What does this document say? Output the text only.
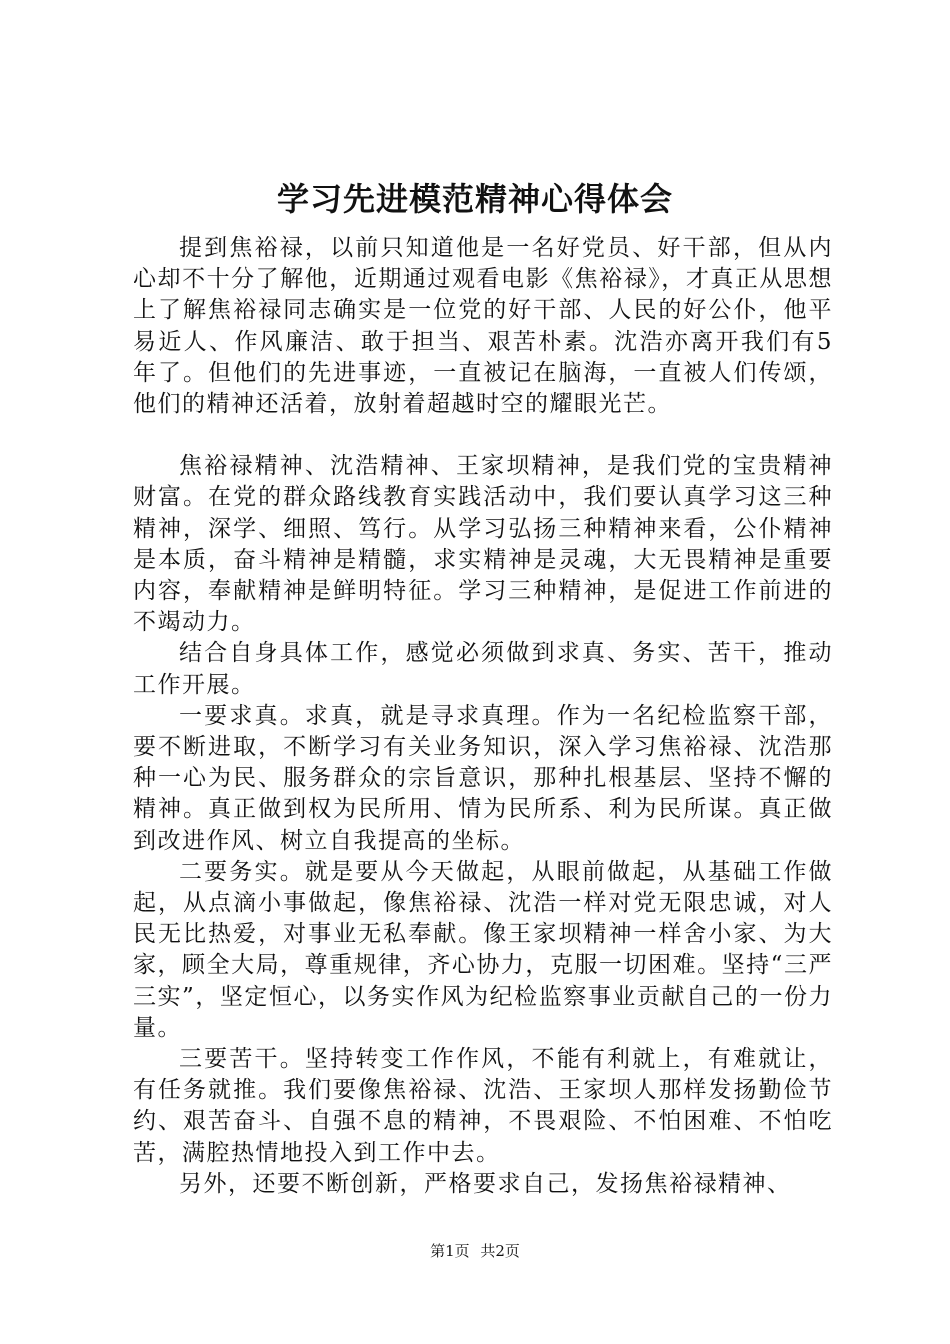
学习先进模范精神心得体会

提到焦裕禄，以前只知道他是一名好党员、好干部，但从内心却不十分了解他，近期通过观看电影《焦裕禄》，才真正从思想上了解焦裕禄同志确实是一位党的好干部、人民的好公仆，他平易近人、作风廉洁、敢于担当、艰苦朴素。沈浩亦离开我们有5年了。但他们的先进事迹，一直被记在脑海，一直被人们传颂，他们的精神还活着，放射着超越时空的耀眼光芒。

焦裕禄精神、沈浩精神、王家坝精神，是我们党的宝贵精神财富。在党的群众路线教育实践活动中，我们要认真学习这三种精神，深学、细照、笃行。从学习弘扬三种精神来看，公仆精神是本质，奋斗精神是精髓，求实精神是灵魂，大无畏精神是重要内容，奉献精神是鲜明特征。学习三种精神，是促进工作前进的不竭动力。

结合自身具体工作，感觉必须做到求真、务实、苦干，推动工作开展。

一要求真。求真，就是寻求真理。作为一名纪检监察干部，要不断进取，不断学习有关业务知识，深入学习焦裕禄、沈浩那种一心为民、服务群众的宗旨意识，那种扎根基层、坚持不懈的精神。真正做到权为民所用、情为民所系、利为民所谋。真正做到改进作风、树立自我提高的坐标。

二要务实。就是要从今天做起，从眼前做起，从基础工作做起，从点滴小事做起，像焦裕禄、沈浩一样对党无限忠诚，对人民无比热爱，对事业无私奉献。像王家坝精神一样舍小家、为大家，顾全大局，尊重规律，齐心协力，克服一切困难。坚持“三严三实”，坚定恒心，以务实作风为纪检监察事业贡献自己的一份力量。

三要苦干。坚持转变工作作风，不能有利就上，有难就让，有任务就推。我们要像焦裕禄、沈浩、王家坝人那样发扬勤俭节约、艰苦奋斗、自强不息的精神，不畏艰险、不怕困难、不怕吃苦，满腔热情地投入到工作中去。

另外，还要不断创新，严格要求自己，发扬焦裕禄精神、

第1页 共2页
